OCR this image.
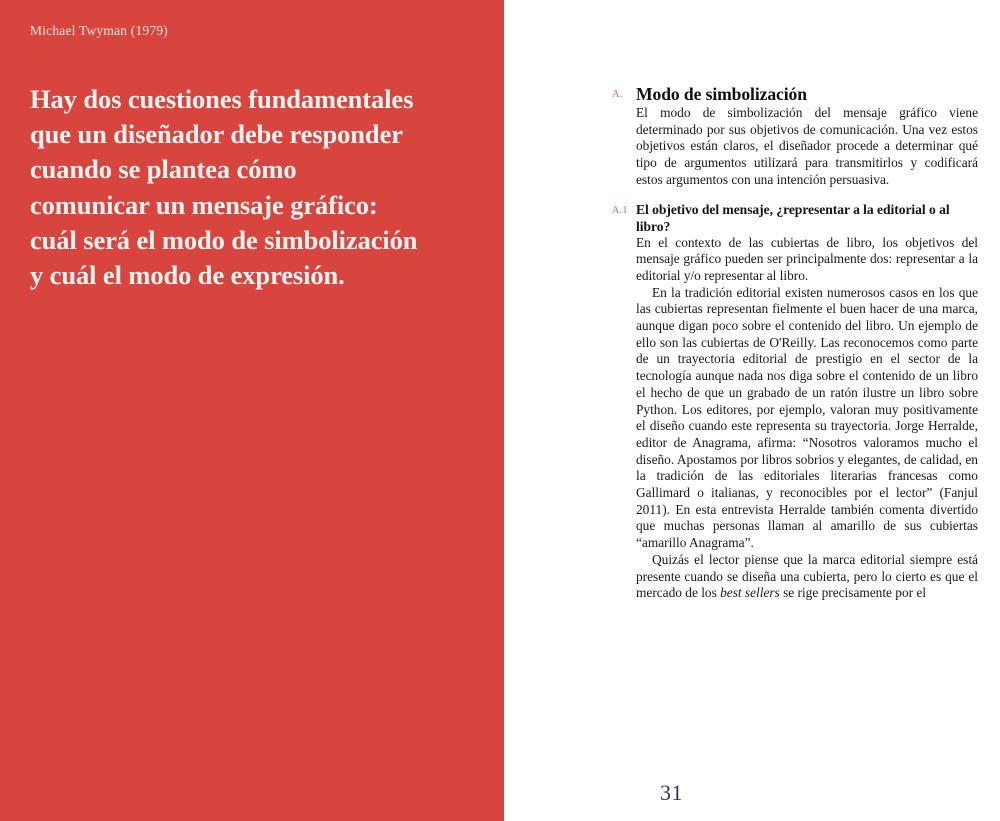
Michael Twyman (1979)
Hay dos cuestiones fundamentales
que un diseñador debe responder
cuando se plantea cómo
comunicar un mensaje gráfico:
cuál será el modo de simbolización
y cuál el modo de expresión.
A. Modo de simbolización

El modo de simbolización del mensaje gráfico viene determinado por sus objetivos de comunicación. Una vez estos objetivos están claros, el diseñador procede a determinar qué tipo de argumentos utilizará para transmitirlos y codificará estos argumentos con una intención persuasiva.

A.1 El objetivo del mensaje, ¿representar a la editorial o al libro?

En el contexto de las cubiertas de libro, los objetivos del mensaje gráfico pueden ser principalmente dos: representar a la editorial y/o representar al libro.

En la tradición editorial existen numerosos casos en los que las cubiertas representan fielmente el buen hacer de una marca, aunque digan poco sobre el contenido del libro. Un ejemplo de ello son las cubiertas de O'Reilly. Las reconocemos como parte de un trayectoria editorial de prestigio en el sector de la tecnología aunque nada nos diga sobre el contenido de un libro el hecho de que un grabado de un ratón ilustre un libro sobre Python. Los editores, por ejemplo, valoran muy positivamente el diseño cuando este representa su trayectoria. Jorge Herralde, editor de Anagrama, afirma: “Nosotros valoramos mucho el diseño. Apostamos por libros sobrios y elegantes, de calidad, en la tradición de las editoriales literarias francesas como Gallimard o italianas, y reconocibles por el lector” (Fanjul 2011). En esta entrevista Herralde también comenta divertido que muchas personas llaman al amarillo de sus cubiertas “amarillo Anagrama”.

Quizás el lector piense que la marca editorial siempre está presente cuando se diseña una cubierta, pero lo cierto es que el mercado de los best sellers se rige precisamente por el

31
